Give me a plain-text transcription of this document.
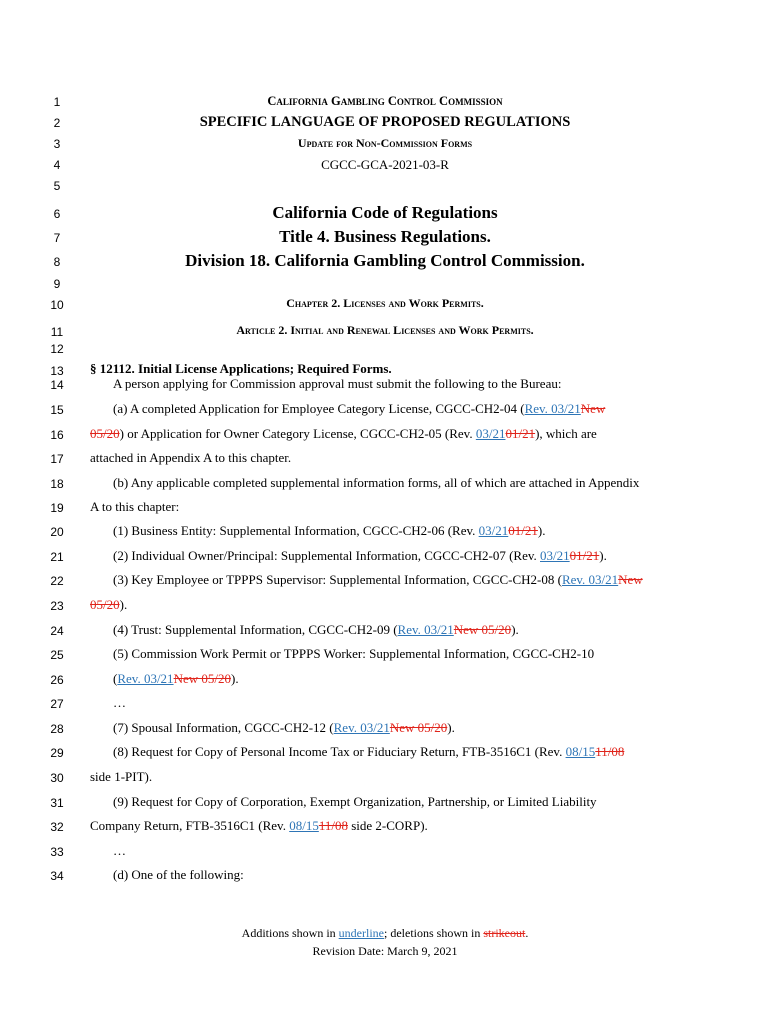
1
2
3
4
5
6
7
8
9
10
11
12
13
14
15
16
17
18
19
20
21
22
23
24
25
26
27
28
29
30
31
32
33
34
California Gambling Control Commission
SPECIFIC LANGUAGE OF PROPOSED REGULATIONS
Update for Non-Commission Forms
CGCC-GCA-2021-03-R
California Code of Regulations
Title 4. Business Regulations.
Division 18. California Gambling Control Commission.
Chapter 2. Licenses and Work Permits.
Article 2. Initial and Renewal Licenses and Work Permits.
§ 12112. Initial License Applications; Required Forms.
A person applying for Commission approval must submit the following to the Bureau:
(a) A completed Application for Employee Category License, CGCC-CH2-04 (Rev. 03/21New
05/20) or Application for Owner Category License, CGCC-CH2-05 (Rev. 03/2101/21), which are
attached in Appendix A to this chapter.
(b) Any applicable completed supplemental information forms, all of which are attached in Appendix
A to this chapter:
(1) Business Entity: Supplemental Information, CGCC-CH2-06 (Rev. 03/2101/21).
(2) Individual Owner/Principal: Supplemental Information, CGCC-CH2-07 (Rev. 03/2101/21).
(3) Key Employee or TPPPS Supervisor: Supplemental Information, CGCC-CH2-08 (Rev. 03/21New
05/20).
(4) Trust: Supplemental Information, CGCC-CH2-09 (Rev. 03/21New 05/20).
(5) Commission Work Permit or TPPPS Worker: Supplemental Information, CGCC-CH2-10
(Rev. 03/21New 05/20).
…
(7) Spousal Information, CGCC-CH2-12 (Rev. 03/21New 05/20).
(8) Request for Copy of Personal Income Tax or Fiduciary Return, FTB-3516C1 (Rev. 08/1511/08
side 1-PIT).
(9) Request for Copy of Corporation, Exempt Organization, Partnership, or Limited Liability
Company Return, FTB-3516C1 (Rev. 08/1511/08 side 2-CORP).
…
(d) One of the following:
Additions shown in underline; deletions shown in strikeout.
Revision Date: March 9, 2021
